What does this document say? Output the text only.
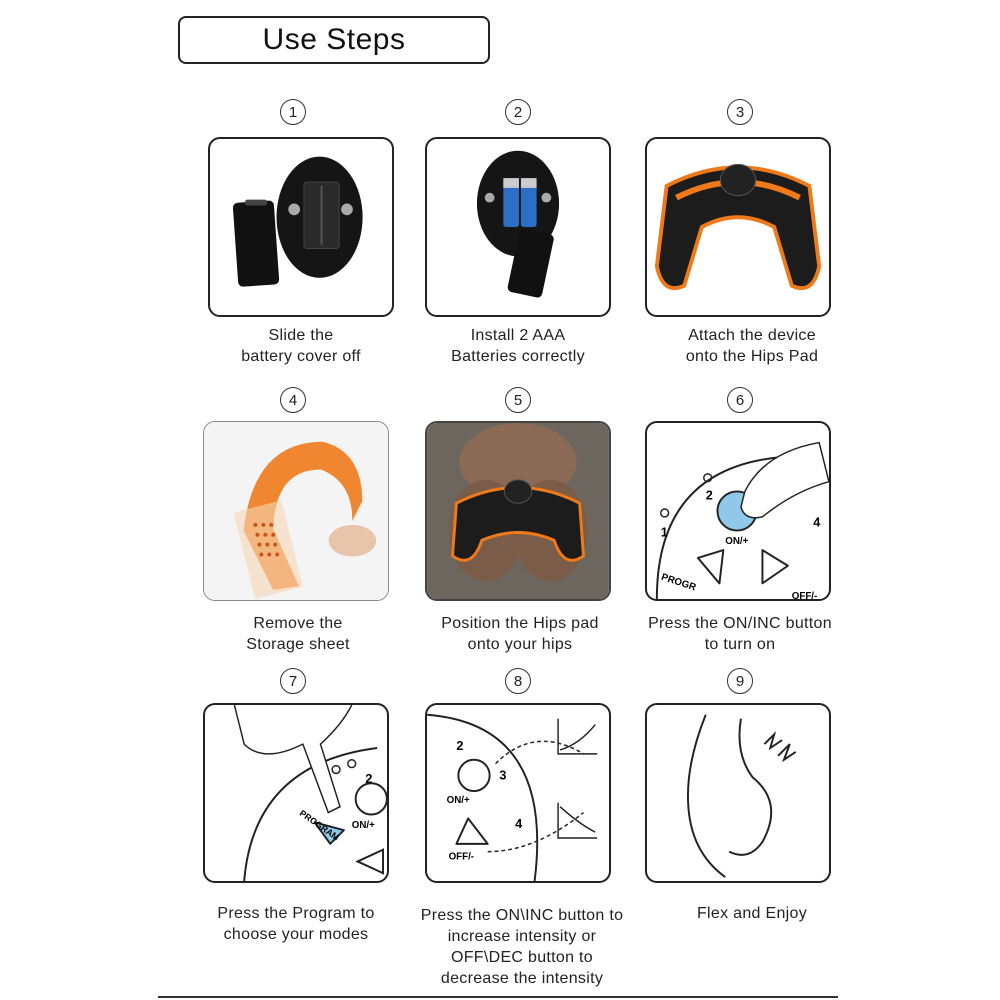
Use Steps
1	2	3
Slide the
battery cover off
Install 2 AAA
Batteries correctly
Attach the device
onto the Hips Pad
4	5	6
2
1
4
ON/+
PROGR
OFF/-
Remove the
Storage sheet
Position the Hips pad
onto your hips
Press the ON/INC button
to turn on
7	8	9
2
ON/+
PROGRAM
2
3
4
ON/+
OFF/-
Press the Program to
choose your modes
Press the ON\INC button to
increase intensity or
OFF\DEC button to
decrease the intensity
Flex and Enjoy
